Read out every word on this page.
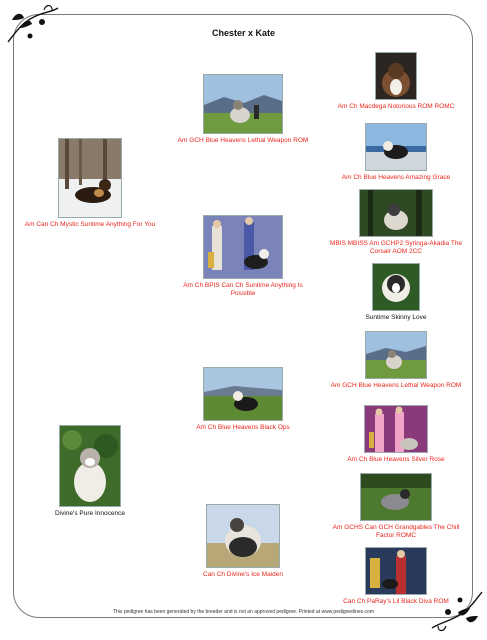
Chester x Kate
Am Can Ch Mystic Suntime Anything For You
Divine's Pure Innocence
Am GCH Blue Heavens Lethal Weapon ROM
Am Ch BPIS Can Ch Suntime Anything Is Possible
Am Ch Blue Heavens Black Ops
Can Ch Divine's Ice Maiden
Am Ch Macdega Notorious ROM ROMC
Am Ch Blue Heavens Amazing Grace
MBIS MBISS Am GCHP2 Syringa-Akadia The Corsair AOM 2CC
Suntime Skinny Love
Am GCH Blue Heavens Lethal Weapon ROM
Am Ch Blue Heavens Silver Rose
Am GCHS Can GCH Grandgables The Chill Factor ROMC
Can Ch PaRay's Lil Black Diva ROM
This pedigree has been generated by the breeder and is not an approved pedigree. Printed at www.pedigreelines.com
